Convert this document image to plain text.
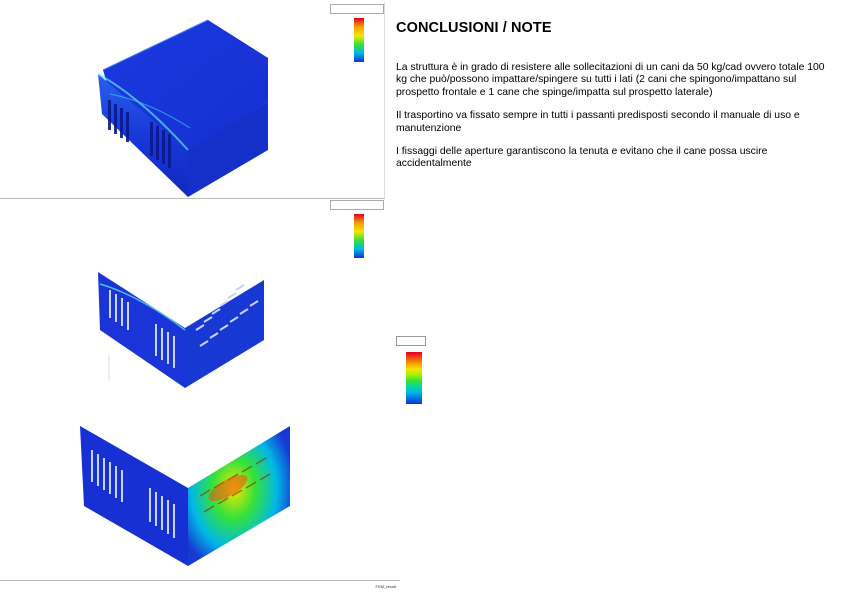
FEM_result
CONCLUSIONI / NOTE

La struttura è in grado di resistere alle sollecitazioni di un cani da 50 kg/cad ovvero totale 100 kg che può/possono impattare/spingere su tutti i lati (2 cani che spingono/impattano sul prospetto frontale e 1 cane che spinge/impatta sul prospetto laterale)

Il trasportino va fissato sempre in tutti i passanti predisposti secondo il manuale di uso e manutenzione

I fissaggi delle aperture garantiscono la tenuta e evitano che il cane possa uscire accidentalmente
